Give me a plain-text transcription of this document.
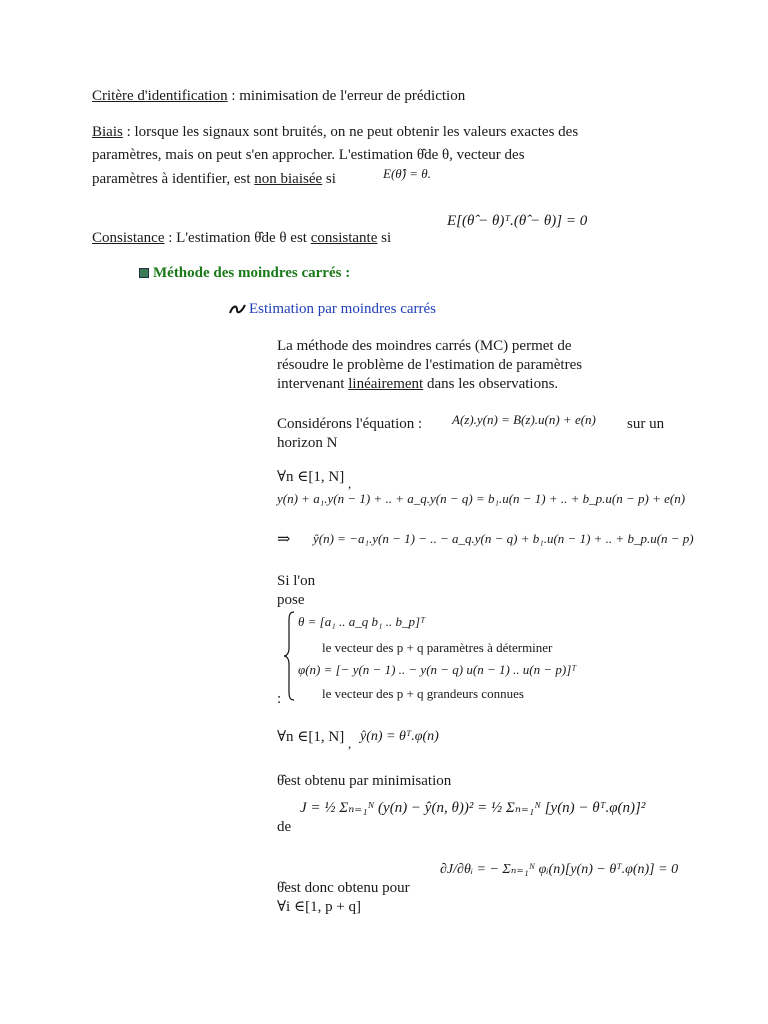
Critère d'identification : minimisation de l'erreur de prédiction
Biais : lorsque les signaux sont bruités, on ne peut obtenir les valeurs exactes des
paramètres, mais on peut s'en approcher. L'estimation θ̂de θ, vecteur des
paramètres à identifier, est non biaisée si	E(θ̂) = θ.
Consistance : L'estimation θ̂de θ est consistante si
E[(θ̂ − θ)ᵀ.(θ̂ − θ)] = 0
Méthode des moindres carrés :
Estimation par moindres carrés
La méthode des moindres carrés (MC) permet de
résoudre le problème de l'estimation de paramètres
intervenant linéairement dans les observations.
Considérons l'équation : A(z).y(n) = B(z).u(n) + e(n) sur un
horizon N
∀n ∈[1, N] ,
y(n) + a₁.y(n − 1) + .. + a_q.y(n − q) = b₁.u(n − 1) + .. + b_p.u(n − p) + e(n)
⇒ ŷ(n) = −a₁.y(n − 1) − .. − a_q.y(n − q) + b₁.u(n − 1) + .. + b_p.u(n − p)
Si l'on
pose
:
θ = [a₁ .. a_q b₁ .. b_p]ᵀ
le vecteur des p + q paramètres à déterminer
φ(n) = [− y(n − 1) .. − y(n − q) u(n − 1) .. u(n − p)]ᵀ
le vecteur des p + q grandeurs connues
∀n ∈[1, N] , ŷ(n) = θᵀ.φ(n)
θ̂est obtenu par minimisation
de
J = ½ Σₙ₌₁ᴺ (y(n) − ŷ(n, θ))² = ½ Σₙ₌₁ᴺ [y(n) − θᵀ.φ(n)]²
θ̂est donc obtenu pour
∀i ∈[1, p + q]
∂J/∂θᵢ = − Σₙ₌₁ᴺ φᵢ(n)[y(n) − θᵀ.φ(n)] = 0
